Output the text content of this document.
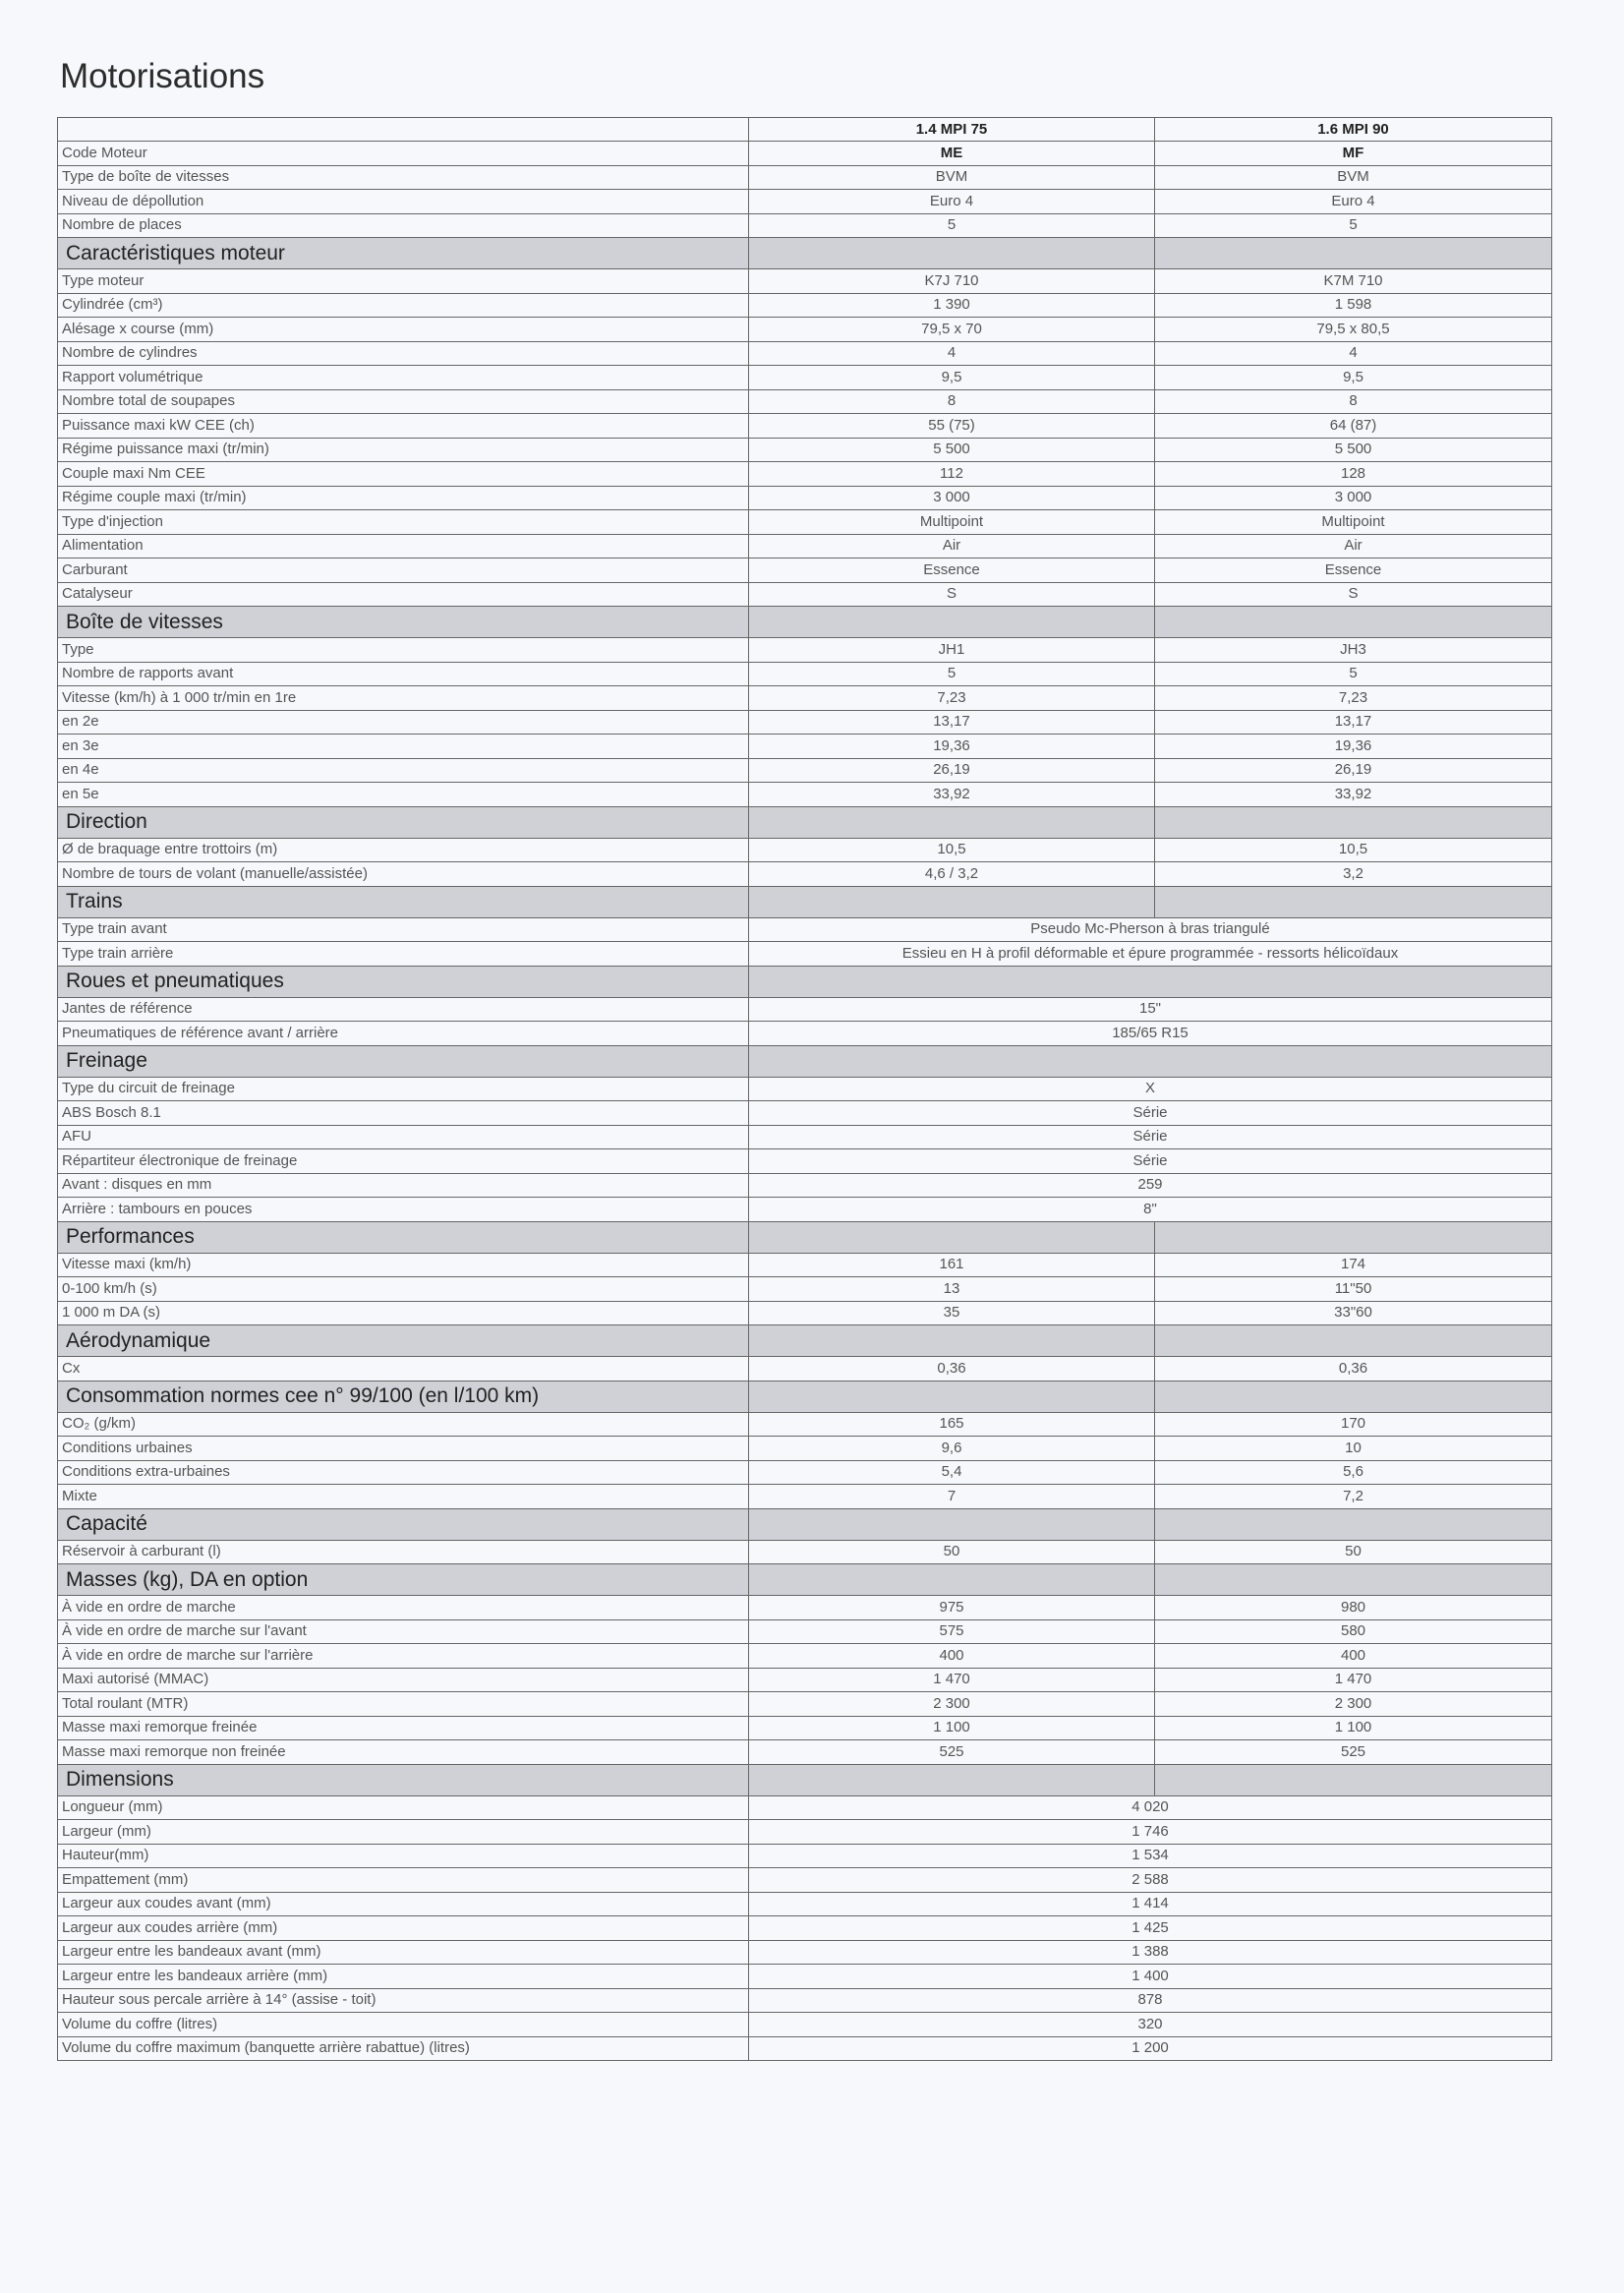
Motorisations
	1.4 MPI 75	1.6 MPI 90
Code Moteur	ME	MF
Type de boîte de vitesses	BVM	BVM
Niveau de dépollution	Euro 4	Euro 4
Nombre de places	5	5
Caractéristiques moteur		
Type moteur	K7J 710	K7M 710
Cylindrée (cm³)	1 390	1 598
Alésage x course (mm)	79,5 x 70	79,5 x 80,5
Nombre de cylindres	4	4
Rapport volumétrique	9,5	9,5
Nombre total de soupapes	8	8
Puissance maxi kW CEE (ch)	55 (75)	64 (87)
Régime puissance maxi (tr/min)	5 500	5 500
Couple maxi Nm CEE	112	128
Régime couple maxi (tr/min)	3 000	3 000
Type d'injection	Multipoint	Multipoint
Alimentation	Air	Air
Carburant	Essence	Essence
Catalyseur	S	S
Boîte de vitesses		
Type	JH1	JH3
Nombre de rapports avant	5	5
Vitesse (km/h) à 1 000 tr/min en 1re	7,23	7,23
en 2e	13,17	13,17
en 3e	19,36	19,36
en 4e	26,19	26,19
en 5e	33,92	33,92
Direction		
Ø de braquage entre trottoirs (m)	10,5	10,5
Nombre de tours de volant (manuelle/assistée)	4,6 / 3,2	3,2
Trains		
Type train avant	Pseudo Mc-Pherson à bras triangulé	
Type train arrière	Essieu en H à profil déformable et épure programmée - ressorts hélicoïdaux	
Roues et pneumatiques		
Jantes de référence	15"	
Pneumatiques de référence avant / arrière	185/65 R15	
Freinage		
Type du circuit de freinage	X	
ABS Bosch 8.1	Série	
AFU	Série	
Répartiteur électronique de freinage	Série	
Avant : disques en mm	259	
Arrière : tambours en pouces	8"	
Performances		
Vitesse maxi (km/h)	161	174
0-100 km/h (s)	13	11"50
1 000 m DA (s)	35	33"60
Aérodynamique		
Cx	0,36	0,36
Consommation normes cee n° 99/100 (en l/100 km)		
CO₂ (g/km)	165	170
Conditions urbaines	9,6	10
Conditions extra-urbaines	5,4	5,6
Mixte	7	7,2
Capacité		
Réservoir à carburant (l)	50	50
Masses (kg), DA en option		
À vide en ordre de marche	975	980
À vide en ordre de marche sur l'avant	575	580
À vide en ordre de marche sur l'arrière	400	400
Maxi autorisé (MMAC)	1 470	1 470
Total roulant (MTR)	2 300	2 300
Masse maxi remorque freinée	1 100	1 100
Masse maxi remorque non freinée	525	525
Dimensions		
Longueur (mm)	4 020	
Largeur (mm)	1 746	
Hauteur(mm)	1 534	
Empattement (mm)	2 588	
Largeur aux coudes avant (mm)	1 414	
Largeur aux coudes arrière (mm)	1 425	
Largeur entre les bandeaux avant (mm)	1 388	
Largeur entre les bandeaux arrière (mm)	1 400	
Hauteur sous percale arrière à 14° (assise - toit)	878	
Volume du coffre (litres)	320	
Volume du coffre maximum (banquette arrière rabattue) (litres)	1 200	
